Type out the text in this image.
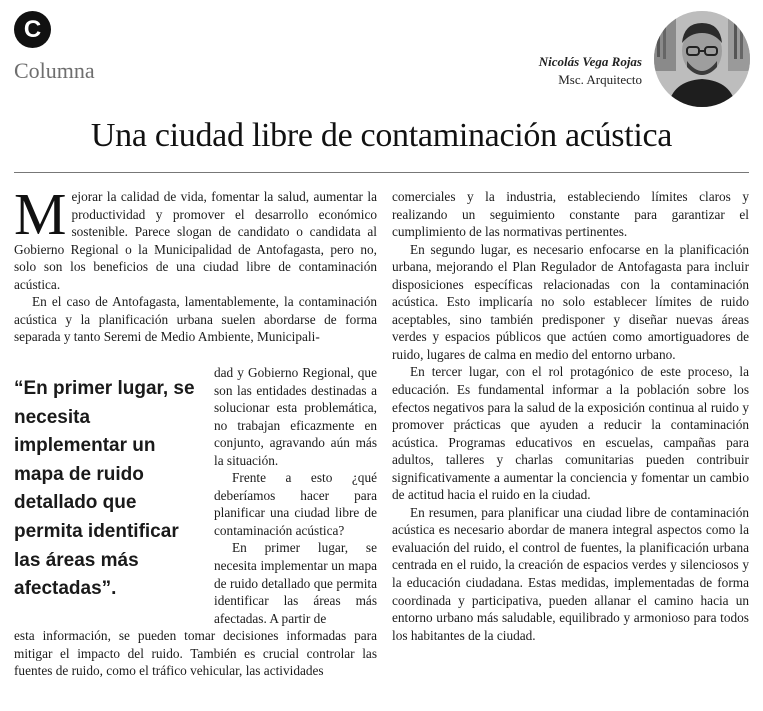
C
Columna	Nicolás Vega Rojas
Msc. Arquitecto
Una ciudad libre de contaminación acústica

Mejorar la calidad de vida, fomentar la salud, aumentar la productividad y promover el desarrollo económico sostenible. Parece slogan de candidato o candidata al Gobierno Regional o la Municipalidad de Antofagasta, pero no, solo son los beneficios de una ciudad libre de contaminación acústica.

En el caso de Antofagasta, lamentablemente, la contaminación acústica y la planificación urbana suelen abordarse de forma separada y tanto Seremi de Medio Ambiente, Municipali-

“En primer lugar, se necesita implementar un mapa de ruido detallado que permita identificar las áreas más afectadas”.

dad y Gobierno Regional, que son las entidades destinadas a solucionar esta problemática, no trabajan eficazmente en conjunto, agravando aún más la situación.

Frente a esto ¿qué deberíamos hacer para planificar una ciudad libre de contaminación acústica?

En primer lugar, se necesita implementar un mapa de ruido detallado que permita identificar las áreas más afectadas. A partir de

esta información, se pueden tomar decisiones informadas para mitigar el impacto del ruido. También es crucial controlar las fuentes de ruido, como el tráfico vehicular, las actividades

comerciales y la industria, estableciendo límites claros y realizando un seguimiento constante para garantizar el cumplimiento de las normativas pertinentes.

En segundo lugar, es necesario enfocarse en la planificación urbana, mejorando el Plan Regulador de Antofagasta para incluir disposiciones específicas relacionadas con la contaminación acústica. Esto implicaría no solo establecer límites de ruido aceptables, sino también predisponer y diseñar nuevas áreas verdes y espacios públicos que actúen como amortiguadores de ruido, lugares de calma en medio del entorno urbano.

En tercer lugar, con el rol protagónico de este proceso, la educación. Es fundamental informar a la población sobre los efectos negativos para la salud de la exposición continua al ruido y promover prácticas que ayuden a reducir la contaminación acústica. Programas educativos en escuelas, campañas para adultos, talleres y charlas comunitarias pueden contribuir significativamente a aumentar la conciencia y fomentar un cambio de actitud hacia el ruido en la ciudad.

En resumen, para planificar una ciudad libre de contaminación acústica es necesario abordar de manera integral aspectos como la evaluación del ruido, el control de fuentes, la planificación urbana centrada en el ruido, la creación de espacios verdes y silenciosos y la educación ciudadana. Estas medidas, implementadas de forma coordinada y participativa, pueden allanar el camino hacia un entorno urbano más saludable, equilibrado y armonioso para todos los habitantes de la ciudad.
